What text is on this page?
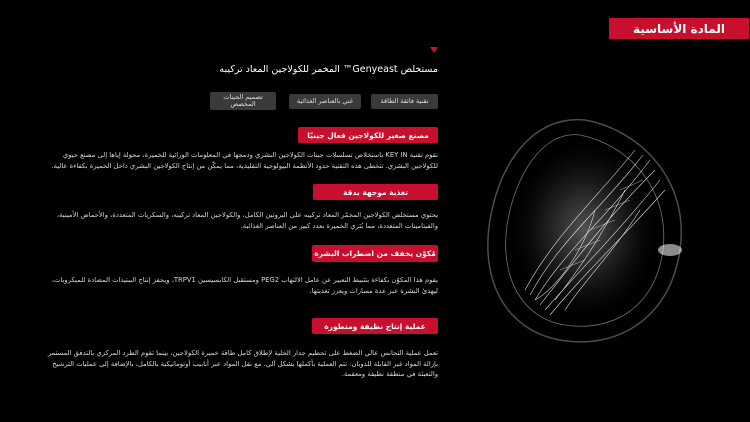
المادة الأساسية
مستخلص Genyeast™ المخمر للكولاجين المعاد تركيبه
تقنية فائقة الطاقة
غني بالعناصر الغذائية
تصميم الجينات المخصص
مصنع صغير للكولاجين فعال جينيًا
تقوم تقنية KEY IN باستخلاص تسلسلات جينات الكولاجين البشري ودمجها في المعلومات الوراثية للخميرة، محولة إياها إلى مصنع حيوي للكولاجين البشري. تتخطى هذه التقنية حدود الأنظمة البيولوجية التقليدية، مما يمكّن من إنتاج الكولاجين البشري داخل الخميرة بكفاءة عالية.
تغذية موجهة بدقة
يحتوي مستخلص الكولاجين المخمّر المعاد تركيبه على البروتين الكامل، والكولاجين المعاد تركيبه، والسكريات المتعددة، والأحماض الأمينية، والفيتامينات المتعددة، مما يُثري الخميرة بعدد كبير من العناصر الغذائية.
مُكوّن يخفف من اضطراب البشرة
يقوم هذا المكوّن بكفاءة بتثبيط التعبير عن عامل الالتهاب PEG2 ومستقبل الكابسيسين TRPV1، ويحفز إنتاج الببتيدات المضادة للميكروبات، ليهدئ البشرة عبر عدة مسارات ويعزز تغذيتها.
عملية إنتاج نظيفة ومتطورة
تعمل عملية التجانس عالي الضغط على تحطيم جدار الخلية لإطلاق كامل طاقة خميرة الكولاجين، بينما تقوم الطرد المركزي بالتدفق المستمر بإزالة المواد غير القابلة للذوبان. تتم العملية بأكملها بشكل آلي، مع نقل المواد عبر أنابيب أوتوماتيكية بالكامل، بالإضافة إلى عمليات الترشيح والتعبئة في منطقة نظيفة ومعقمة.
